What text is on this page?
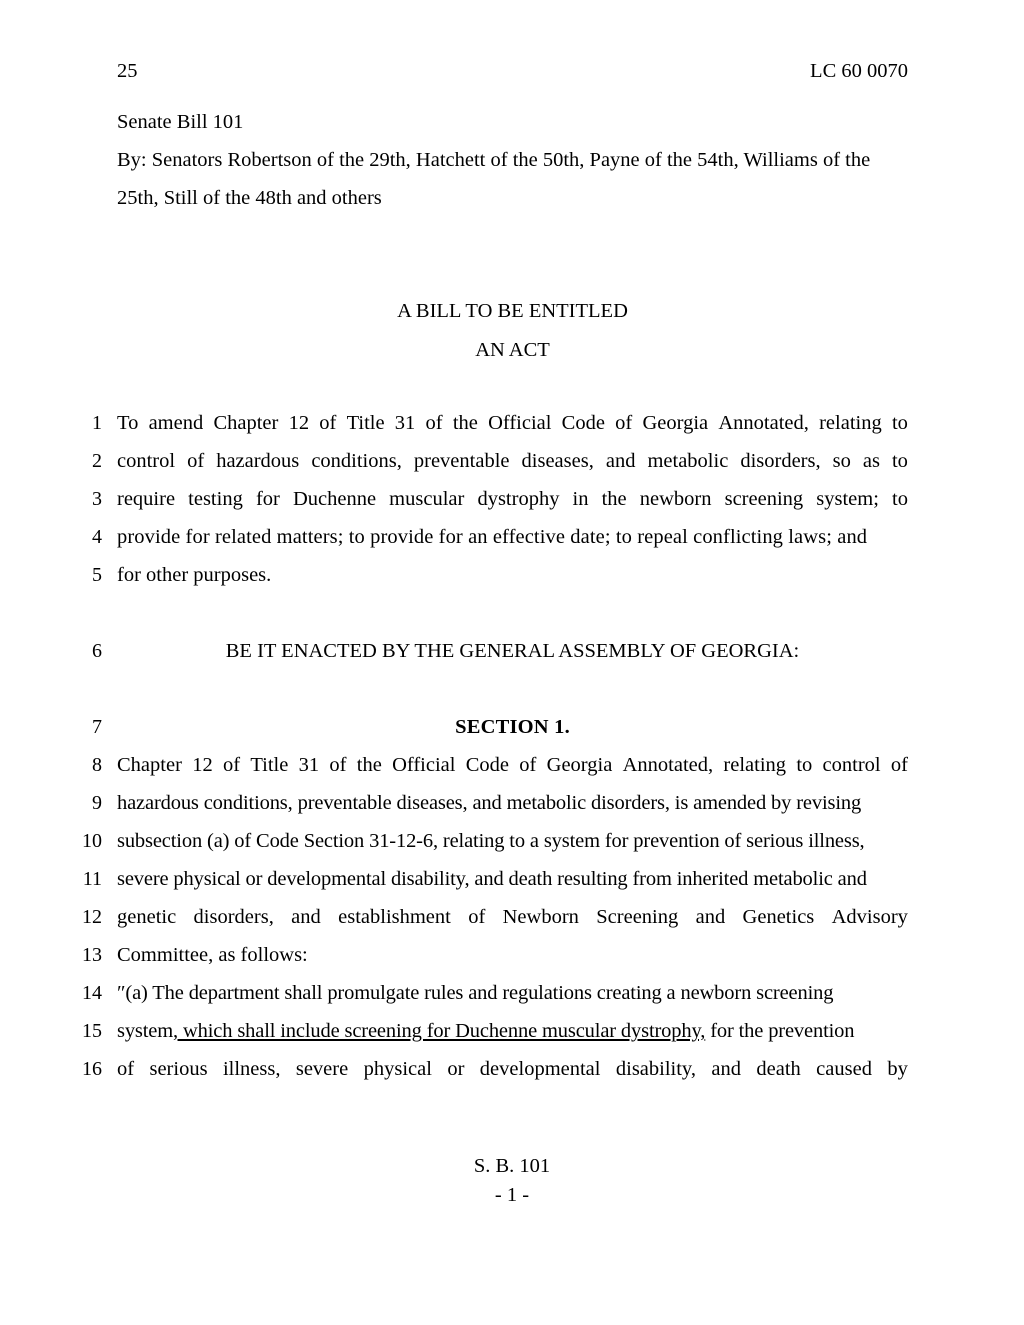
25	LC 60 0070
Senate Bill 101
By: Senators Robertson of the 29th, Hatchett of the 50th, Payne of the 54th, Williams of the
25th, Still of the 48th and others
A BILL TO BE ENTITLED
AN ACT
1 To amend Chapter 12 of Title 31 of the Official Code of Georgia Annotated, relating to
2 control of hazardous conditions, preventable diseases, and metabolic disorders, so as to
3 require testing for Duchenne muscular dystrophy in the newborn screening system; to
4 provide for related matters; to provide for an effective date; to repeal conflicting laws; and
5 for other purposes.
6	BE IT ENACTED BY THE GENERAL ASSEMBLY OF GEORGIA:
7	SECTION 1.
8 Chapter 12 of Title 31 of the Official Code of Georgia Annotated, relating to control of
9 hazardous conditions, preventable diseases, and metabolic disorders, is amended by revising
10 subsection (a) of Code Section 31-12-6, relating to a system for prevention of serious illness,
11 severe physical or developmental disability, and death resulting from inherited metabolic and
12 genetic disorders, and establishment of Newborn Screening and Genetics Advisory
13 Committee, as follows:
14 ″(a) The department shall promulgate rules and regulations creating a newborn screening
15 system, which shall include screening for Duchenne muscular dystrophy, for the prevention
16 of serious illness, severe physical or developmental disability, and death caused by
S. B. 101
- 1 -
